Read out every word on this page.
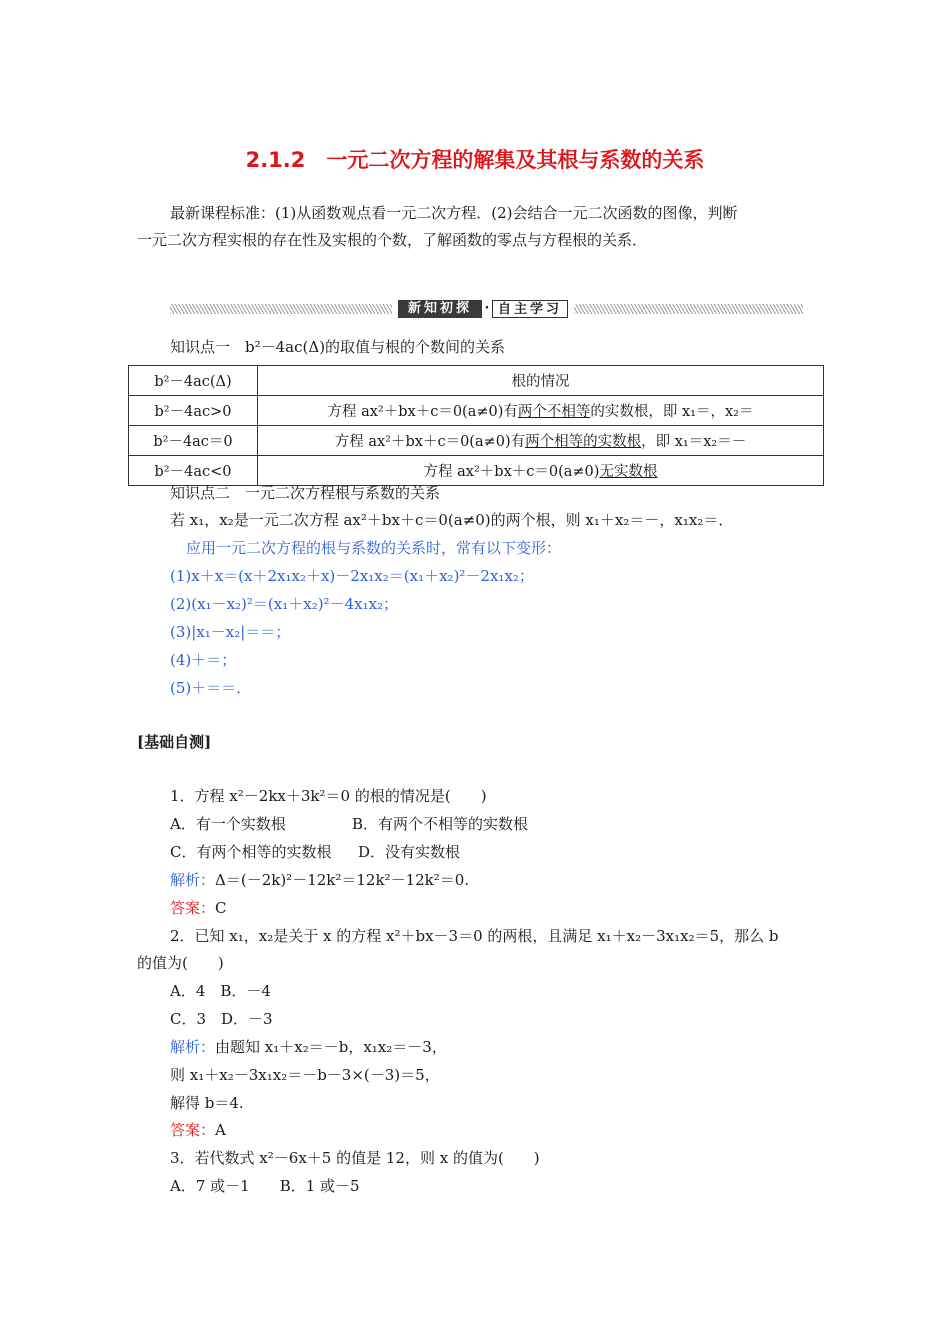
2.1.2　一元二次方程的解集及其根与系数的关系
最新课程标准：(1)从函数观点看一元二次方程．(2)会结合一元二次函数的图像，判断
一元二次方程实根的存在性及实根的个数，了解函数的零点与方程根的关系．
新知初探 · 自主学习
知识点一　b²－4ac(Δ)的取值与根的个数间的关系
b²－4ac(Δ)	根的情况
b²－4ac>0	方程 ax²＋bx＋c＝0(a≠0)有两个不相等的实数根，即 x₁＝，x₂＝
b²－4ac＝0	方程 ax²＋bx＋c＝0(a≠0)有两个相等的实数根，即 x₁＝x₂＝－
b²－4ac<0	方程 ax²＋bx＋c＝0(a≠0)无实数根
知识点二　一元二次方程根与系数的关系
若 x₁，x₂是一元二次方程 ax²＋bx＋c＝0(a≠0)的两个根，则 x₁＋x₂＝－，x₁x₂＝．
应用一元二次方程的根与系数的关系时，常有以下变形：
(1)x＋x＝(x＋2x₁x₂＋x)－2x₁x₂＝(x₁＋x₂)²－2x₁x₂；
(2)(x₁－x₂)²＝(x₁＋x₂)²－4x₁x₂；
(3)|x₁－x₂|＝＝；
(4)＋＝；
(5)＋＝＝．
[基础自测]
1．方程 x²－2kx＋3k²＝0 的根的情况是(　　)
A．有一个实数根	B．有两个不相等的实数根
C．有两个相等的实数根 D．没有实数根
解析：Δ＝(－2k)²－12k²＝12k²－12k²＝0.
答案：C
2．已知 x₁，x₂是关于 x 的方程 x²＋bx－3＝0 的两根，且满足 x₁＋x₂－3x₁x₂＝5，那么 b
的值为(　　)
A．4　B．－4
C．3　D．－3
解析：由题知 x₁＋x₂＝－b，x₁x₂＝－3，
则 x₁＋x₂－3x₁x₂＝－b－3×(－3)＝5，
解得 b＝4.
答案：A
3．若代数式 x²－6x＋5 的值是 12，则 x 的值为(　　)
A．7 或－1　　B．1 或－5
